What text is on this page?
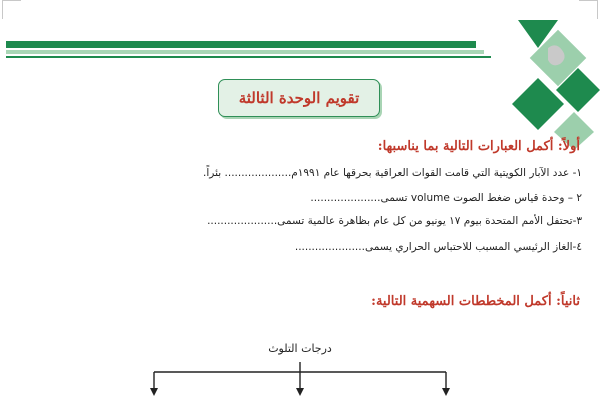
تقويم الوحدة الثالثة
أولاً: أكمل العبارات التالية بما يناسبها:
١- عدد الآبار الكويتية التي قامت القوات العراقية بحرقها عام ١٩٩١م.................... بئراً.
٢ – وحدة قياس ضغط الصوت volume تسمى.....................
٣-تحتفل الأمم المتحدة بيوم ١٧ يونيو من كل عام بظاهرة عالمية تسمى.....................
٤-الغاز الرئيسي المسبب للاحتباس الحراري يسمى.....................
ثانياً: أكمل المخططات السهمية التالية:
درجات التلوث
